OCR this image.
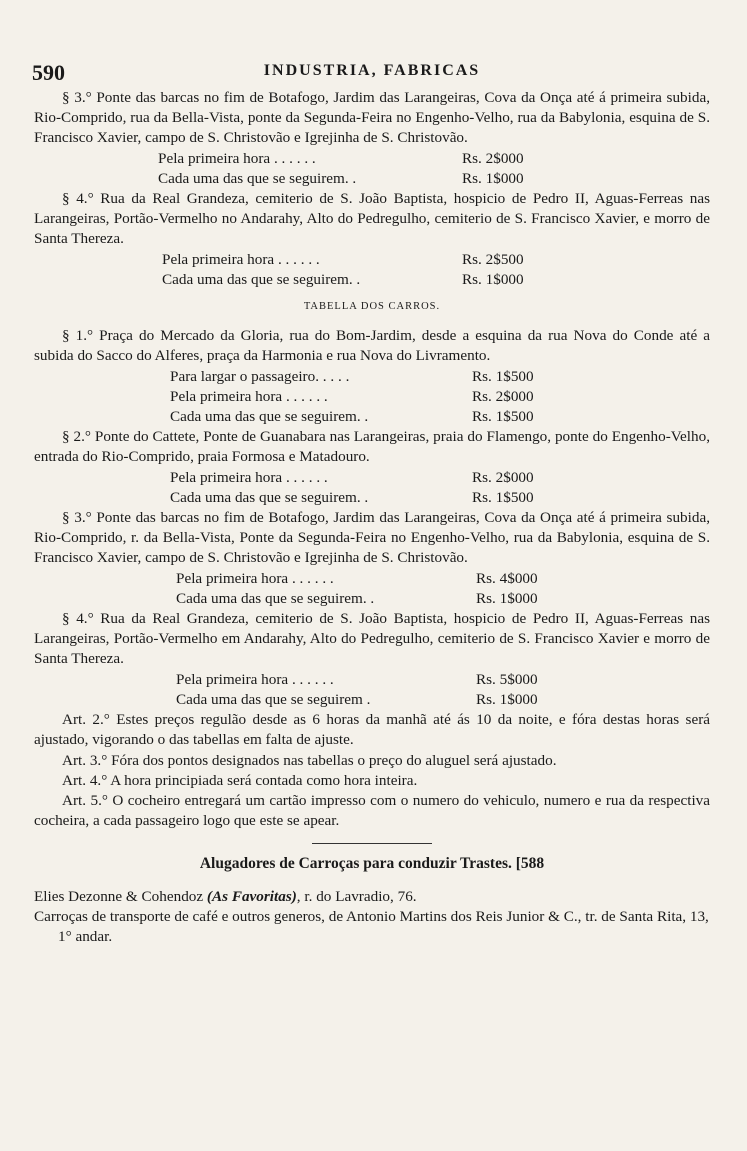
590	INDUSTRIA, FABRICAS

§ 3.° Ponte das barcas no fim de Botafogo, Jardim das Larangeiras, Cova da Onça até á primeira subida, Rio-Comprido, rua da Bella-Vista, ponte da Segunda-Feira no Engenho-Velho, rua da Babylonia, esquina de S. Francisco Xavier, campo de S. Christovão e Igrejinha de S. Christovão.

Pela primeira hora . . . . . .	Rs. 2$000
Cada uma das que se seguirem. .	Rs. 1$000

§ 4.° Rua da Real Grandeza, cemiterio de S. João Baptista, hospicio de Pedro II, Aguas-Ferreas nas Larangeiras, Portão-Vermelho no Andarahy, Alto do Pedregulho, cemiterio de S. Francisco Xavier, e morro de Santa Thereza.

Pela primeira hora . . . . . .	Rs. 2$500
Cada uma das que se seguirem. .	Rs. 1$000
TABELLA DOS CARROS.

§ 1.° Praça do Mercado da Gloria, rua do Bom-Jardim, desde a esquina da rua Nova do Conde até a subida do Sacco do Alferes, praça da Harmonia e rua Nova do Livramento.

Para largar o passageiro. . . . .	Rs. 1$500
Pela primeira hora . . . . . .	Rs. 2$000
Cada uma das que se seguirem. .	Rs. 1$500

§ 2.° Ponte do Cattete, Ponte de Guanabara nas Larangeiras, praia do Flamengo, ponte do Engenho-Velho, entrada do Rio-Comprido, praia Formosa e Matadouro.

Pela primeira hora . . . . . .	Rs. 2$000
Cada uma das que se seguirem. .	Rs. 1$500

§ 3.° Ponte das barcas no fim de Botafogo, Jardim das Larangeiras, Cova da Onça até á primeira subida, Rio-Comprido, r. da Bella-Vista, Ponte da Segunda-Feira no Engenho-Velho, rua da Babylonia, esquina de S. Francisco Xavier, campo de S. Christovão e Igrejinha de S. Christovão.

Pela primeira hora . . . . . .	Rs. 4$000
Cada uma das que se seguirem. .	Rs. 1$000

§ 4.° Rua da Real Grandeza, cemiterio de S. João Baptista, hospicio de Pedro II, Aguas-Ferreas nas Larangeiras, Portão-Vermelho em Andarahy, Alto do Pedregulho, cemiterio de S. Francisco Xavier e morro de Santa Thereza.

Pela primeira hora . . . . . .	Rs. 5$000
Cada uma das que se seguirem .	Rs. 1$000

Art. 2.° Estes preços regulão desde as 6 horas da manhã até ás 10 da noite, e fóra destas horas será ajustado, vigorando o das tabellas em falta de ajuste.

Art. 3.° Fóra dos pontos designados nas tabellas o preço do aluguel será ajustado.

Art. 4.° A hora principiada será contada como hora inteira.

Art. 5.° O cocheiro entregará um cartão impresso com o numero do vehiculo, numero e rua da respectiva cocheira, a cada passageiro logo que este se apear.

Alugadores de Carroças para conduzir Trastes. [588
Elies Dezonne & Cohendoz (As Favoritas), r. do Lavradio, 76.
Carroças de transporte de café e outros generos, de Antonio Martins dos Reis Junior & C., tr. de Santa Rita, 13, 1° andar.
